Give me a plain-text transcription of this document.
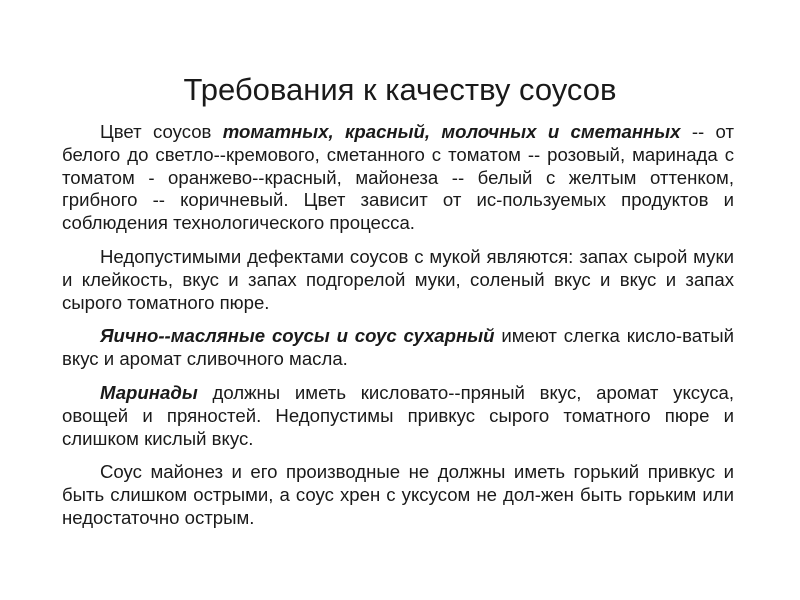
Требования к качеству соусов

Цвет соусов томатных, красный, молочных и сметанных -- от белого до светло--кремового, сметанного с томатом -- розовый, маринада с томатом - оранжево--красный, майонеза -- белый с желтым оттенком, грибного -- коричневый. Цвет зависит от ис-пользуемых продуктов и соблюдения технологического процесса.

Недопустимыми дефектами соусов с мукой являются: запах сырой муки и клейкость, вкус и запах подгорелой муки, соленый вкус и вкус и запах сырого томатного пюре.

Яично--масляные соусы и соус сухарный имеют слегка кисло-ватый вкус и аромат сливочного масла.

Маринады должны иметь кисловато--пряный вкус, аромат уксуса, овощей и пряностей. Недопустимы привкус сырого томатного пюре и слишком кислый вкус.

Соус майонез и его производные не должны иметь горький привкус и быть слишком острыми, а соус хрен с уксусом не дол-жен быть горьким или недостаточно острым.
